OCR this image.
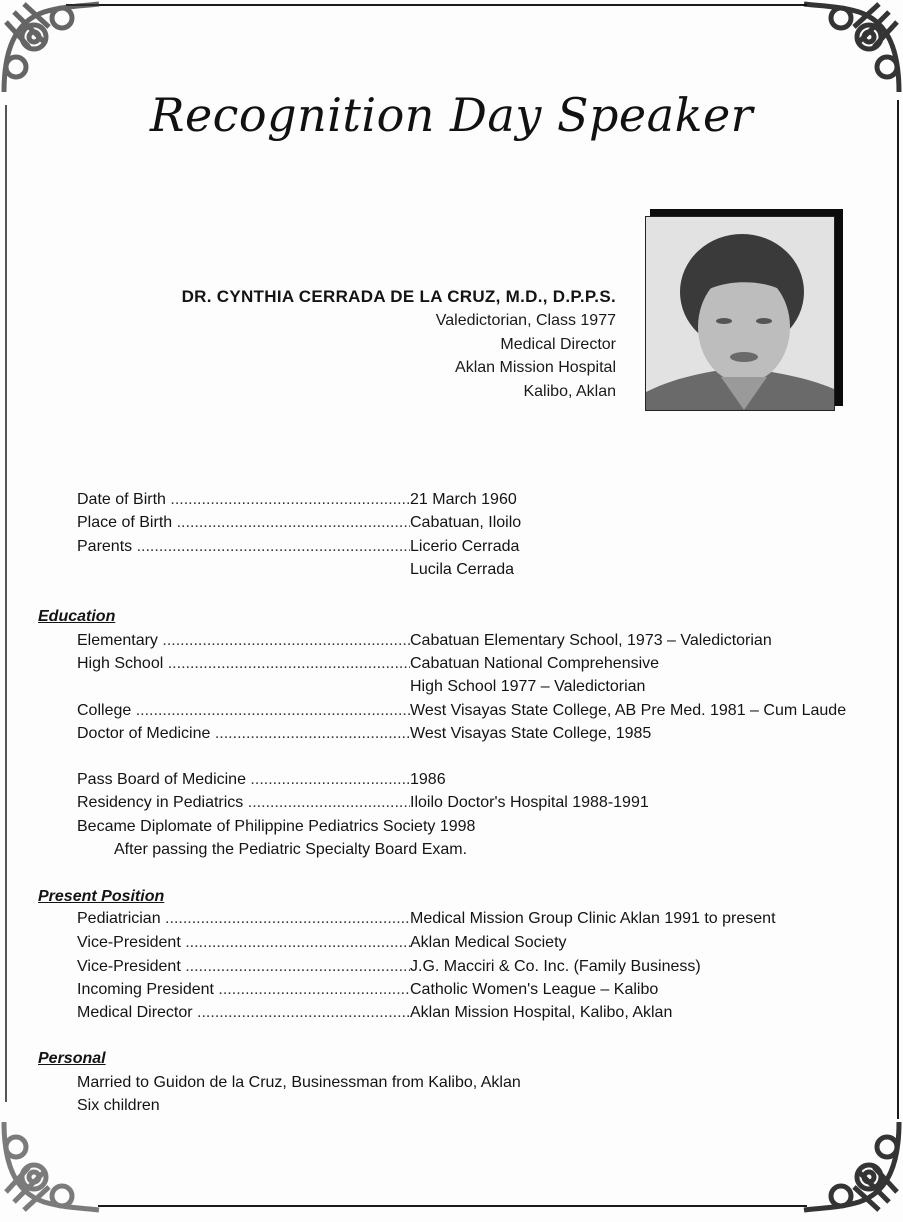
Recognition Day Speaker
DR. CYNTHIA CERRADA DE LA CRUZ, M.D., D.P.P.S.
Valedictorian, Class 1977
Medical Director
Aklan Mission Hospital
Kalibo, Aklan
Date of Birth .....	21 March 1960
Place of Birth .....	Cabatuan, Iloilo
Parents .....	Licerio Cerrada
Lucila Cerrada
Education
Elementary .....	Cabatuan Elementary School, 1973 – Valedictorian
High School .....	Cabatuan National Comprehensive
High School 1977 – Valedictorian
College .....	West Visayas State College, AB Pre Med. 1981 – Cum Laude
Doctor of Medicine .....	West Visayas State College, 1985
Pass Board of Medicine .....	1986
Residency in Pediatrics .....	Iloilo Doctor's Hospital 1988-1991
Became Diplomate of Philippine Pediatrics Society 1998
After passing the Pediatric Specialty Board Exam.
Present Position
Pediatrician .....	Medical Mission Group Clinic Aklan 1991 to present
Vice-President .....	Aklan Medical Society
Vice-President .....	J.G. Macciri & Co. Inc. (Family Business)
Incoming President .....	Catholic Women's League – Kalibo
Medical Director .....	Aklan Mission Hospital, Kalibo, Aklan
Personal
Married to Guidon de la Cruz, Businessman from Kalibo, Aklan
Six children
